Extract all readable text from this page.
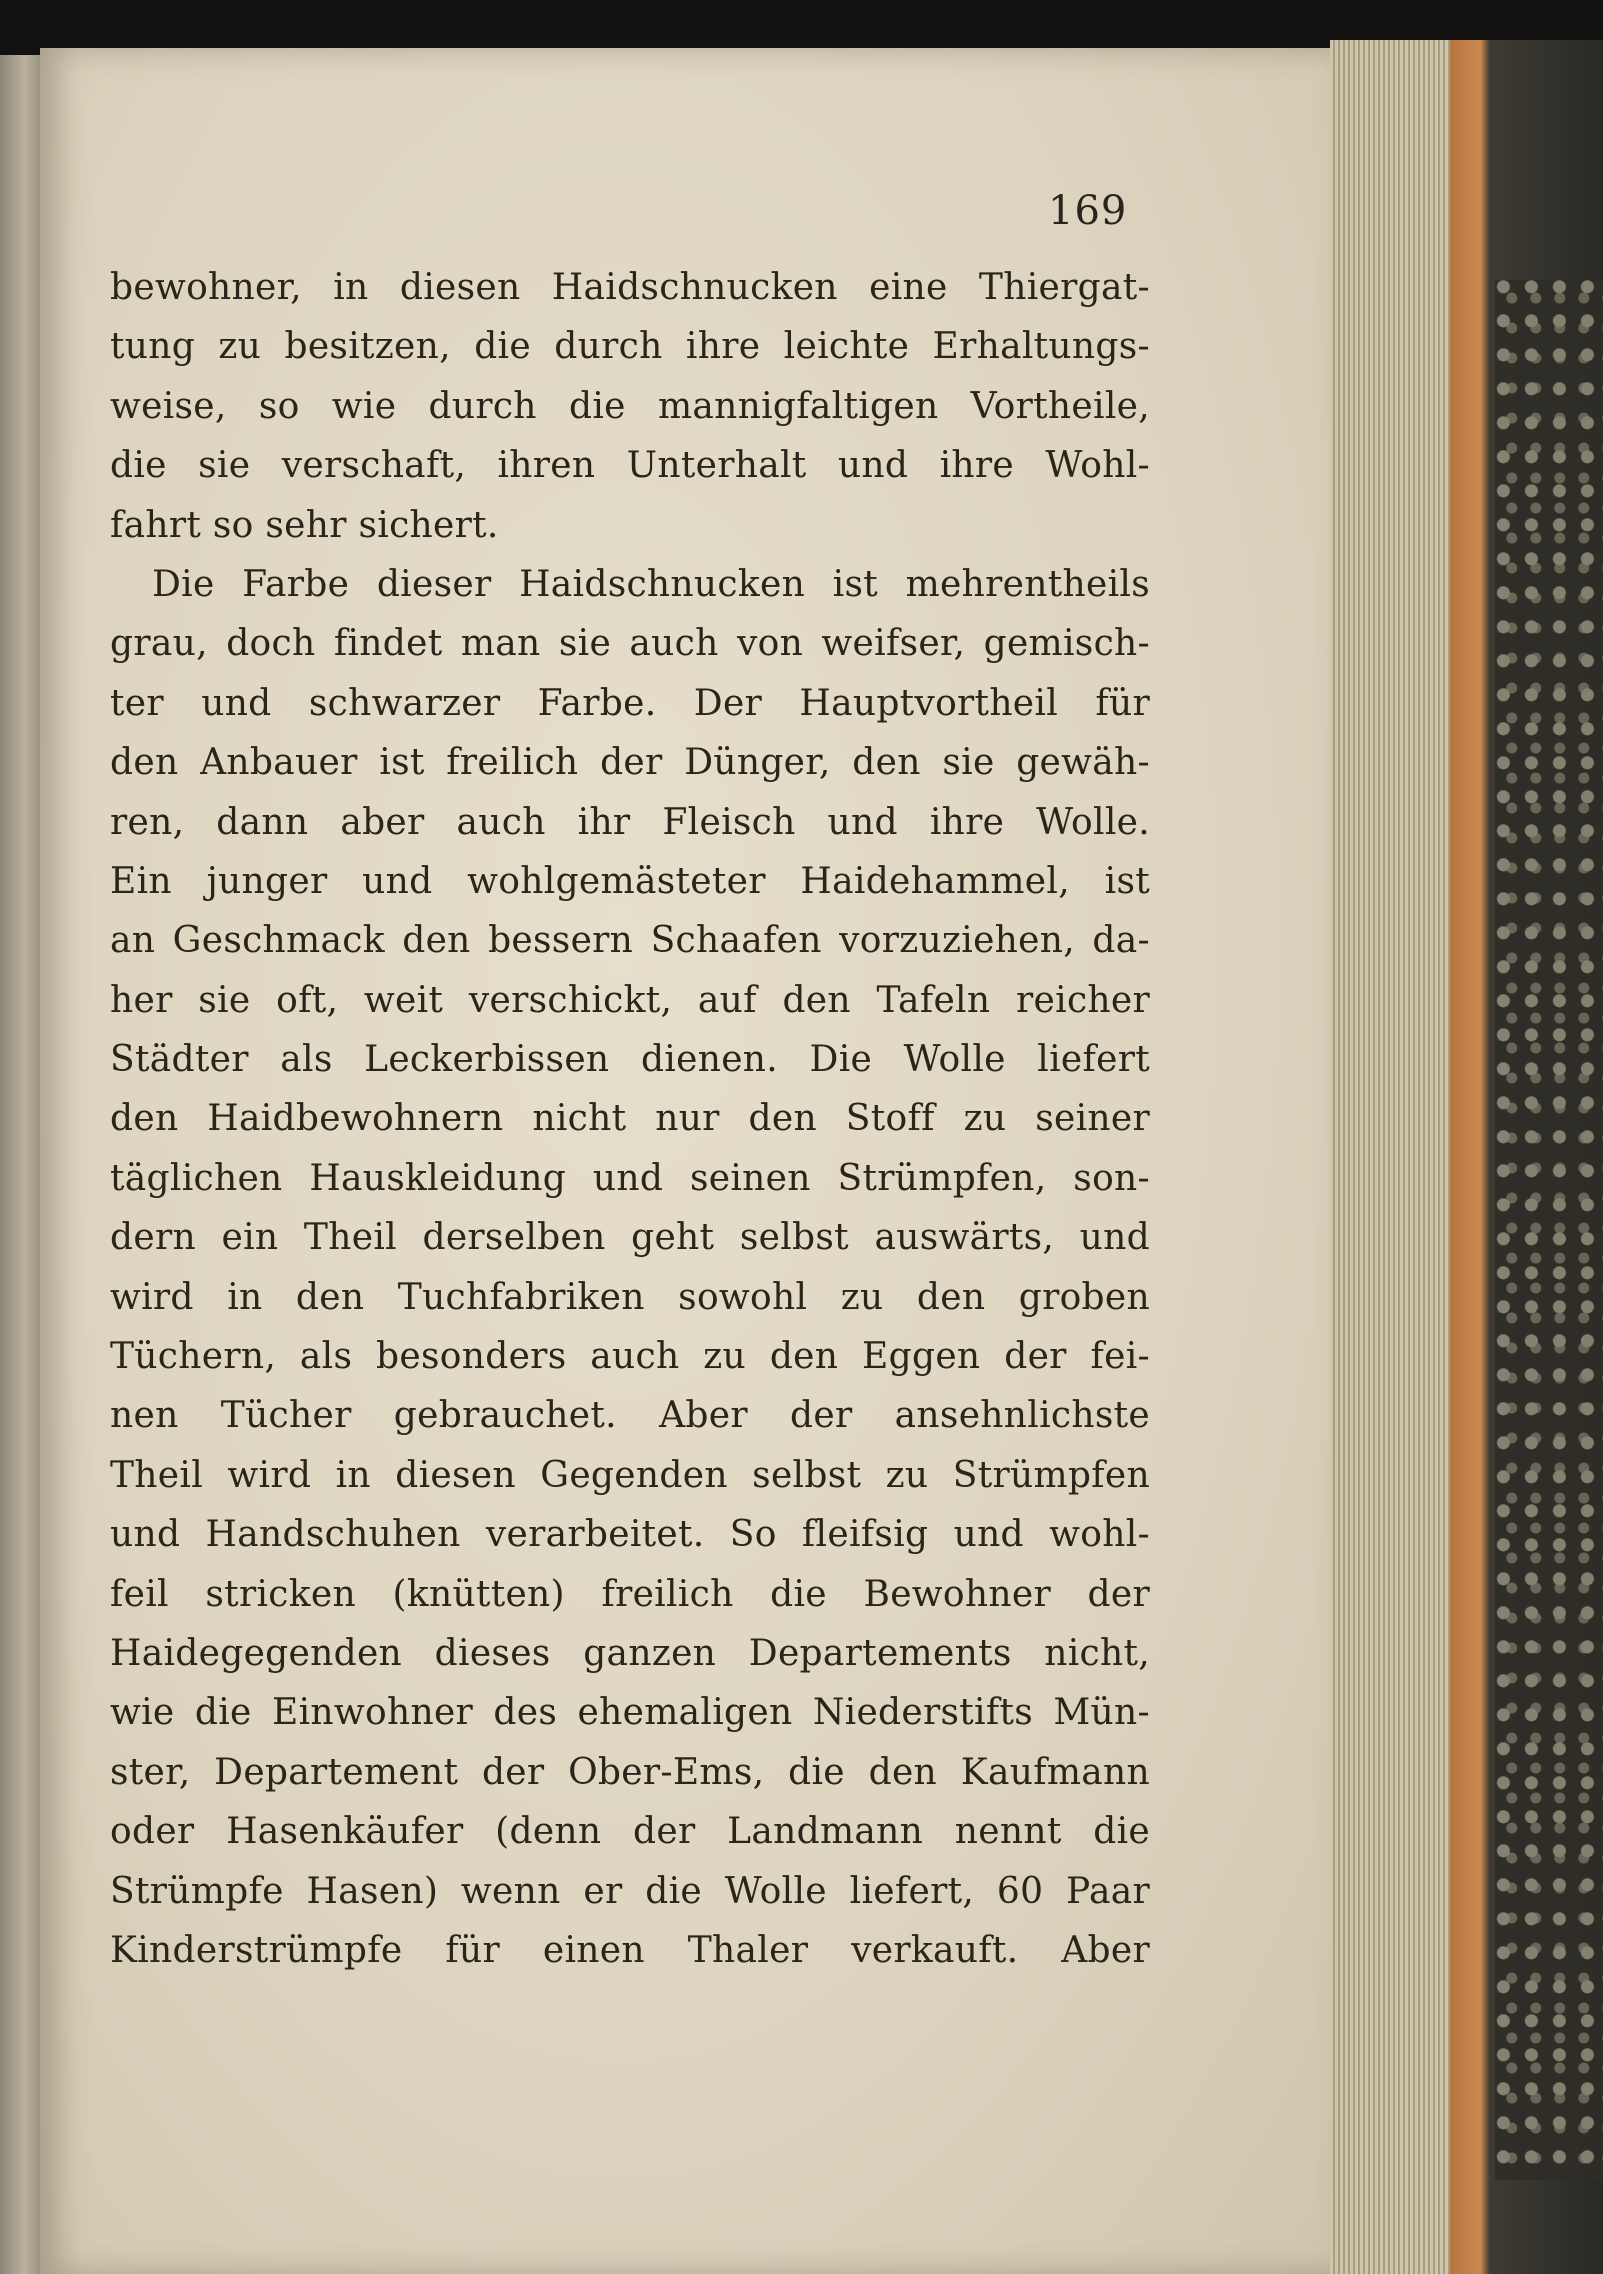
169
bewohner, in diesen Haidschnucken eine Thiergat-
tung zu besitzen, die durch ihre leichte Erhaltungs-
weise, so wie durch die mannigfaltigen Vortheile,
die sie verschaft, ihren Unterhalt und ihre Wohl-
fahrt so sehr sichert.
Die Farbe dieser Haidschnucken ist mehrentheils
grau, doch findet man sie auch von weifser, gemisch-
ter und schwarzer Farbe. Der Hauptvortheil für
den Anbauer ist freilich der Dünger, den sie gewäh-
ren, dann aber auch ihr Fleisch und ihre Wolle.
Ein junger und wohlgemästeter Haidehammel, ist
an Geschmack den bessern Schaafen vorzuziehen, da-
her sie oft, weit verschickt, auf den Tafeln reicher
Städter als Leckerbissen dienen. Die Wolle liefert
den Haidbewohnern nicht nur den Stoff zu seiner
täglichen Hauskleidung und seinen Strümpfen, son-
dern ein Theil derselben geht selbst auswärts, und
wird in den Tuchfabriken sowohl zu den groben
Tüchern, als besonders auch zu den Eggen der fei-
nen Tücher gebrauchet. Aber der ansehnlichste
Theil wird in diesen Gegenden selbst zu Strümpfen
und Handschuhen verarbeitet. So fleifsig und wohl-
feil stricken (knütten) freilich die Bewohner der
Haidegegenden dieses ganzen Departements nicht,
wie die Einwohner des ehemaligen Niederstifts Mün-
ster, Departement der Ober-Ems, die den Kaufmann
oder Hasenkäufer (denn der Landmann nennt die
Strümpfe Hasen) wenn er die Wolle liefert, 60 Paar
Kinderstrümpfe für einen Thaler verkauft. Aber
